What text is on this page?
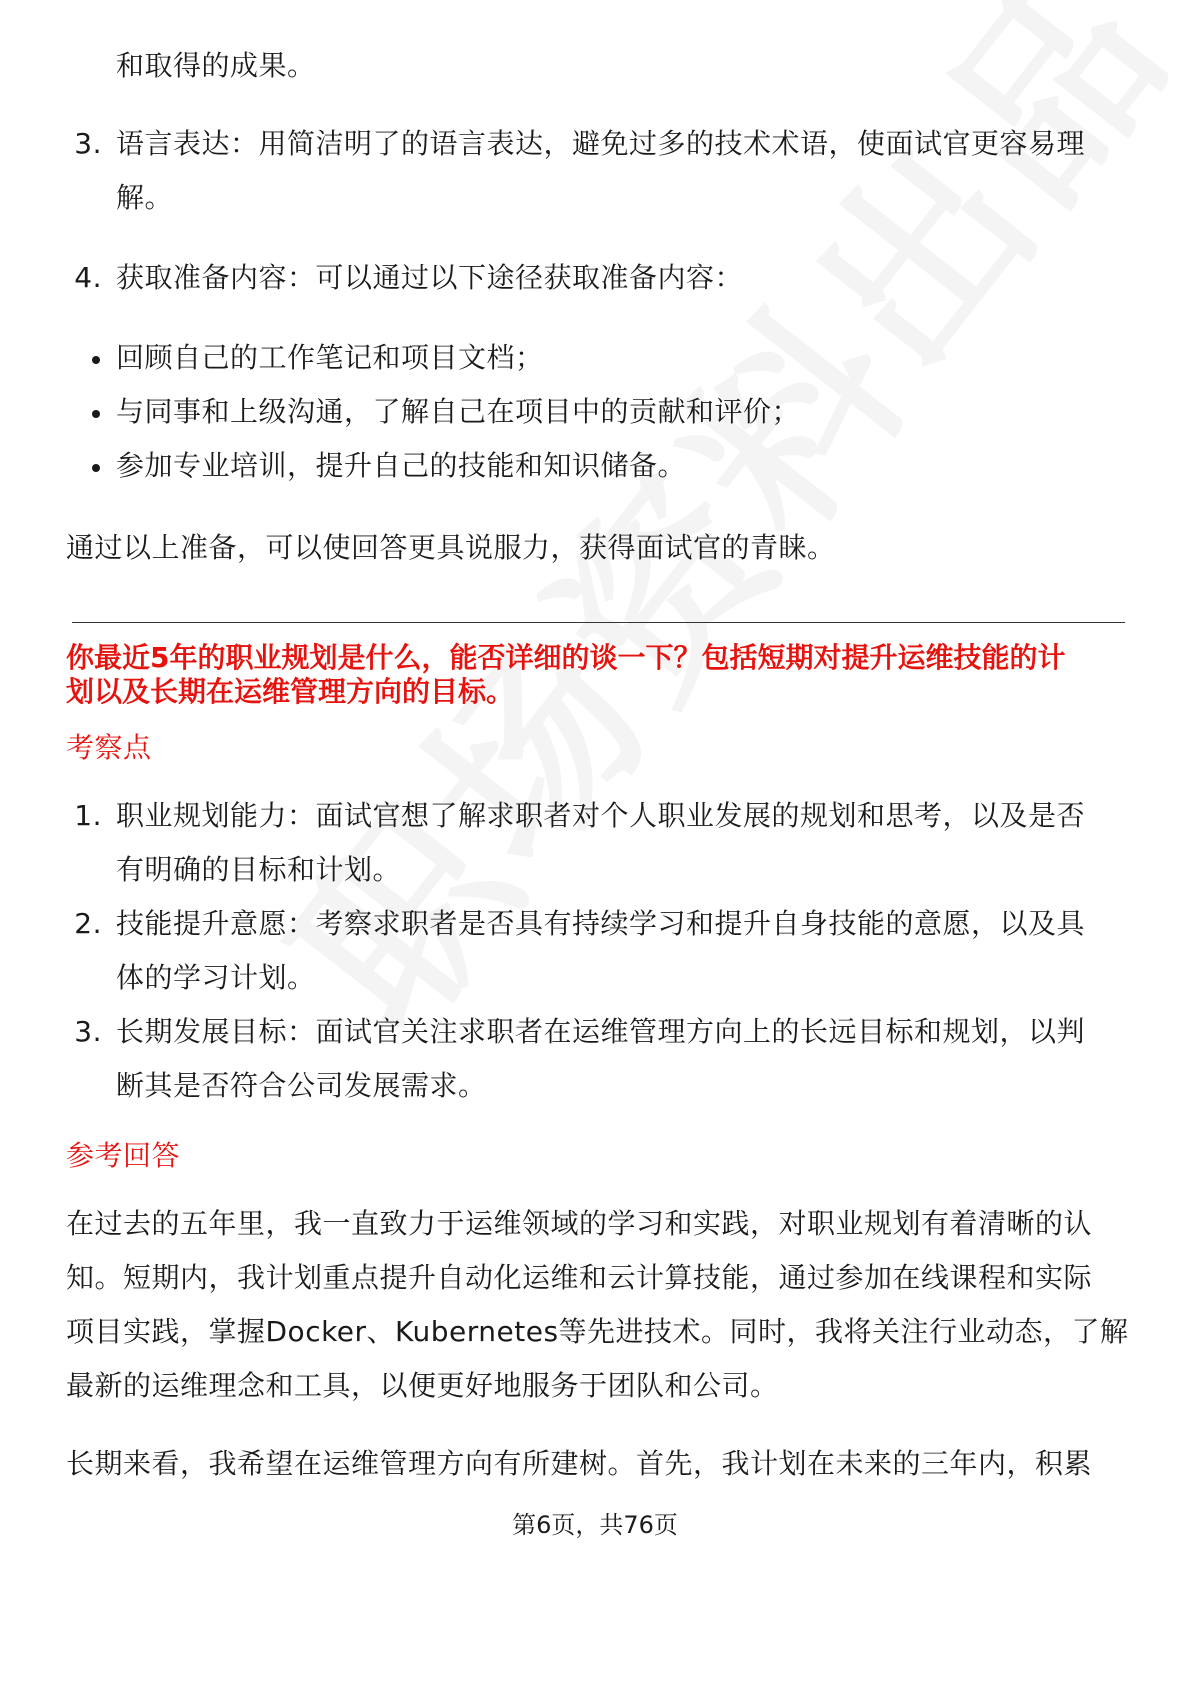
和取得的成果。
3. 语言表达：用简洁明了的语言表达，避免过多的技术术语，使面试官更容易理
解。
4. 获取准备内容：可以通过以下途径获取准备内容：
回顾自己的工作笔记和项目文档；
与同事和上级沟通，了解自己在项目中的贡献和评价；
参加专业培训，提升自己的技能和知识储备。
通过以上准备，可以使回答更具说服力，获得面试官的青睐。
你最近5年的职业规划是什么，能否详细的谈一下？包括短期对提升运维技能的计
划以及长期在运维管理方向的目标。
考察点
1. 职业规划能力：面试官想了解求职者对个人职业发展的规划和思考，以及是否
有明确的目标和计划。
2. 技能提升意愿：考察求职者是否具有持续学习和提升自身技能的意愿，以及具
体的学习计划。
3. 长期发展目标：面试官关注求职者在运维管理方向上的长远目标和规划，以判
断其是否符合公司发展需求。
参考回答
在过去的五年里，我一直致力于运维领域的学习和实践，对职业规划有着清晰的认
知。短期内，我计划重点提升自动化运维和云计算技能，通过参加在线课程和实际
项目实践，掌握Docker、Kubernetes等先进技术。同时，我将关注行业动态，了解
最新的运维理念和工具，以便更好地服务于团队和公司。
长期来看，我希望在运维管理方向有所建树。首先，我计划在未来的三年内，积累
第6页，共76页
